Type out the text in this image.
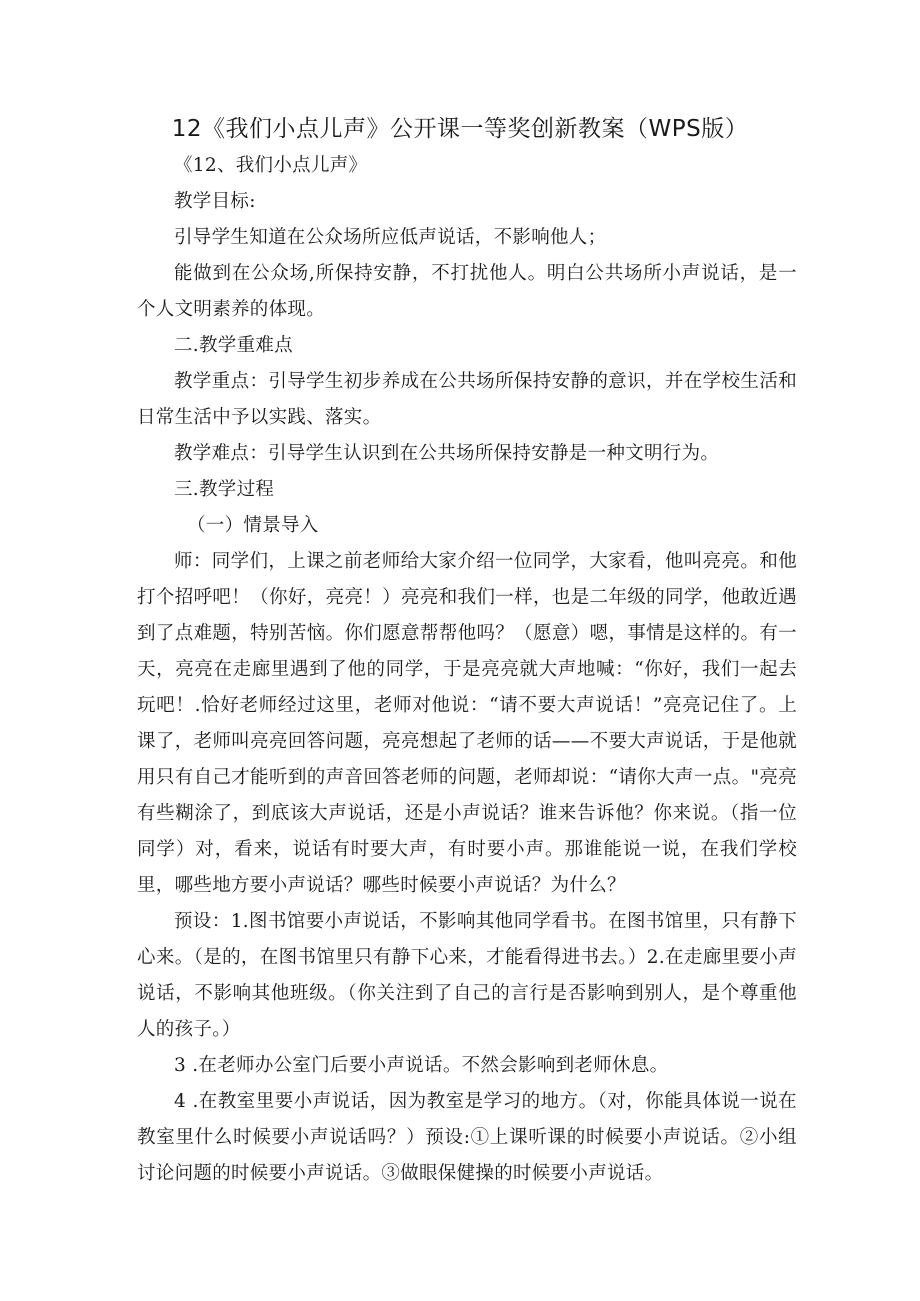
12《我们小点儿声》公开课一等奖创新教案（WPS版）

《12、我们小点儿声》

教学目标:

引导学生知道在公众场所应低声说话，不影响他人；

能做到在公众场,所保持安静，不打扰他人。明白公共场所小声说话，是一个人文明素养的体现。

二.教学重难点

教学重点：引导学生初步养成在公共场所保持安静的意识，并在学校生活和日常生活中予以实践、落实。

教学难点：引导学生认识到在公共场所保持安静是一种文明行为。

三.教学过程

（一）情景导入

师：同学们，上课之前老师给大家介绍一位同学，大家看，他叫亮亮。和他打个招呼吧！（你好，亮亮！）亮亮和我们一样，也是二年级的同学，他敢近遇到了点难题，特别苦恼。你们愿意帮帮他吗？（愿意）嗯，事情是这样的。有一天，亮亮在走廊里遇到了他的同学，于是亮亮就大声地喊：“你好，我们一起去玩吧！.恰好老师经过这里，老师对他说：“请不要大声说话！”亮亮记住了。上课了，老师叫亮亮回答问题，亮亮想起了老师的话——不要大声说话，于是他就用只有自己才能听到的声音回答老师的问题，老师却说：“请你大声一点。"亮亮有些糊涂了，到底该大声说话，还是小声说话？谁来告诉他？你来说。（指一位同学）对，看来，说话有时要大声，有时要小声。那谁能说一说，在我们学校里，哪些地方要小声说话？哪些时候要小声说话？为什么？

预设：1.图书馆要小声说话，不影响其他同学看书。在图书馆里，只有静下心来。（是的，在图书馆里只有静下心来，才能看得进书去。）2.在走廊里要小声说话，不影响其他班级。（你关注到了自己的言行是否影响到别人，是个尊重他人的孩子。）

3 .在老师办公室门后要小声说话。不然会影响到老师休息。

4 .在教室里要小声说话，因为教室是学习的地方。（对，你能具体说一说在教室里什么时候要小声说话吗？）预设:①上课听课的时候要小声说话。②小组讨论问题的时候要小声说话。③做眼保健操的时候要小声说话。
